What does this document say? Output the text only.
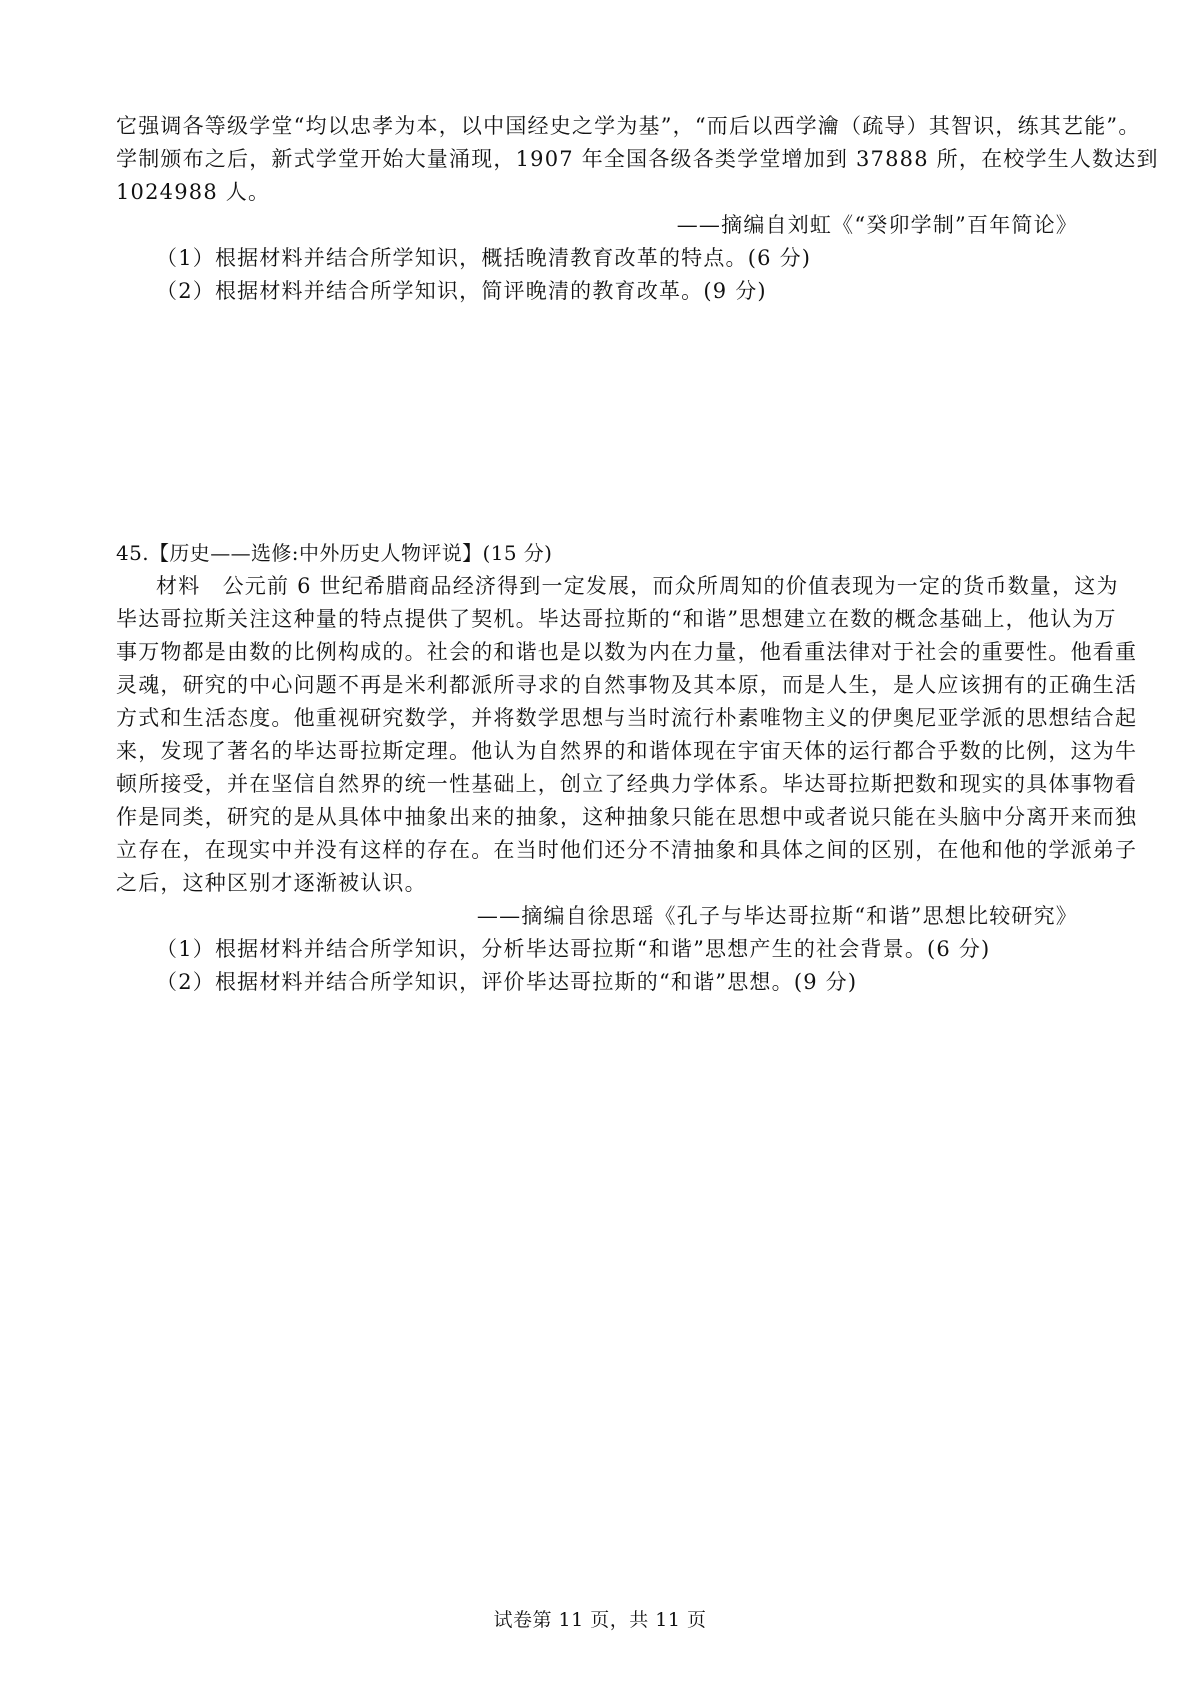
它强调各等级学堂“均以忠孝为本，以中国经史之学为基”，“而后以西学瀹（疏导）其智识，练其艺能”。
学制颁布之后，新式学堂开始大量涌现，1907 年全国各级各类学堂增加到 37888 所，在校学生人数达到
1024988 人。
——摘编自刘虹《“癸卯学制”百年简论》
（1）根据材料并结合所学知识，概括晚清教育改革的特点。(6 分)
（2）根据材料并结合所学知识，简评晚清的教育改革。(9 分)
45.【历史——选修:中外历史人物评说】(15 分)
材料　公元前 6 世纪希腊商品经济得到一定发展，而众所周知的价值表现为一定的货币数量，这为
毕达哥拉斯关注这种量的特点提供了契机。毕达哥拉斯的“和谐”思想建立在数的概念基础上，他认为万
事万物都是由数的比例构成的。社会的和谐也是以数为内在力量，他看重法律对于社会的重要性。他看重
灵魂，研究的中心问题不再是米利都派所寻求的自然事物及其本原，而是人生，是人应该拥有的正确生活
方式和生活态度。他重视研究数学，并将数学思想与当时流行朴素唯物主义的伊奥尼亚学派的思想结合起
来，发现了著名的毕达哥拉斯定理。他认为自然界的和谐体现在宇宙天体的运行都合乎数的比例，这为牛
顿所接受，并在坚信自然界的统一性基础上，创立了经典力学体系。毕达哥拉斯把数和现实的具体事物看
作是同类，研究的是从具体中抽象出来的抽象，这种抽象只能在思想中或者说只能在头脑中分离开来而独
立存在，在现实中并没有这样的存在。在当时他们还分不清抽象和具体之间的区别，在他和他的学派弟子
之后，这种区别才逐渐被认识。
——摘编自徐思瑶《孔子与毕达哥拉斯“和谐”思想比较研究》
（1）根据材料并结合所学知识，分析毕达哥拉斯“和谐”思想产生的社会背景。(6 分)
（2）根据材料并结合所学知识，评价毕达哥拉斯的“和谐”思想。(9 分)
试卷第 11 页，共 11 页
